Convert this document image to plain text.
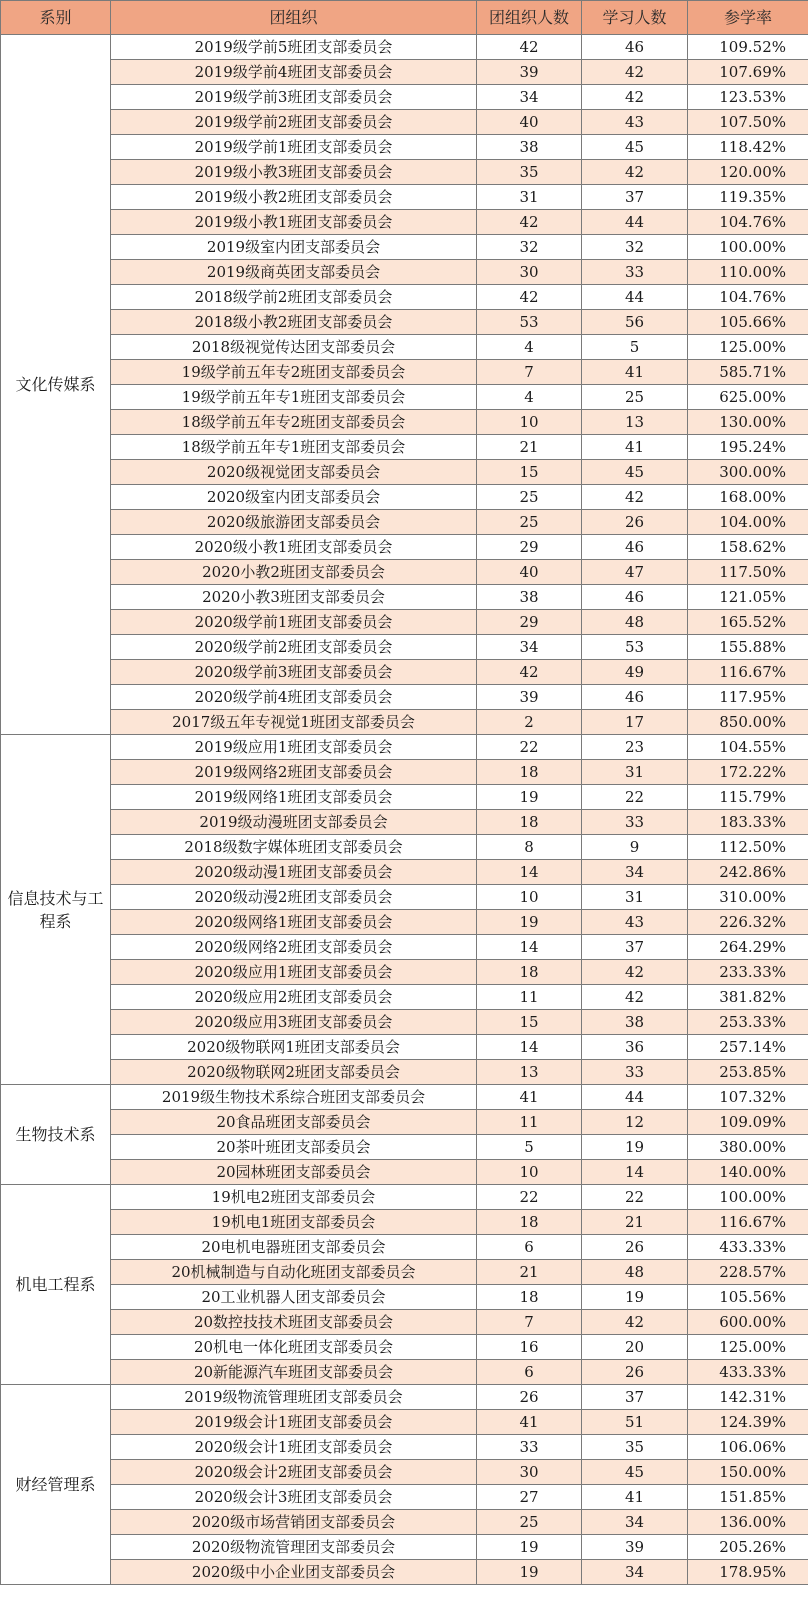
系别	团组织	团组织人数	学习人数	参学率
文化传媒系	2019级学前5班团支部委员会	42	46	109.52%
	2019级学前4班团支部委员会	39	42	107.69%
	2019级学前3班团支部委员会	34	42	123.53%
	2019级学前2班团支部委员会	40	43	107.50%
	2019级学前1班团支部委员会	38	45	118.42%
	2019级小教3班团支部委员会	35	42	120.00%
	2019级小教2班团支部委员会	31	37	119.35%
	2019级小教1班团支部委员会	42	44	104.76%
	2019级室内团支部委员会	32	32	100.00%
	2019级商英团支部委员会	30	33	110.00%
	2018级学前2班团支部委员会	42	44	104.76%
	2018级小教2班团支部委员会	53	56	105.66%
	2018级视觉传达团支部委员会	4	5	125.00%
	19级学前五年专2班团支部委员会	7	41	585.71%
	19级学前五年专1班团支部委员会	4	25	625.00%
	18级学前五年专2班团支部委员会	10	13	130.00%
	18级学前五年专1班团支部委员会	21	41	195.24%
	2020级视觉团支部委员会	15	45	300.00%
	2020级室内团支部委员会	25	42	168.00%
	2020级旅游团支部委员会	25	26	104.00%
	2020级小教1班团支部委员会	29	46	158.62%
	2020小教2班团支部委员会	40	47	117.50%
	2020小教3班团支部委员会	38	46	121.05%
	2020级学前1班团支部委员会	29	48	165.52%
	2020级学前2班团支部委员会	34	53	155.88%
	2020级学前3班团支部委员会	42	49	116.67%
	2020级学前4班团支部委员会	39	46	117.95%
	2017级五年专视觉1班团支部委员会	2	17	850.00%
信息技术与工程系	2019级应用1班团支部委员会	22	23	104.55%
	2019级网络2班团支部委员会	18	31	172.22%
	2019级网络1班团支部委员会	19	22	115.79%
	2019级动漫班团支部委员会	18	33	183.33%
	2018级数字媒体班团支部委员会	8	9	112.50%
	2020级动漫1班团支部委员会	14	34	242.86%
	2020级动漫2班团支部委员会	10	31	310.00%
	2020级网络1班团支部委员会	19	43	226.32%
	2020级网络2班团支部委员会	14	37	264.29%
	2020级应用1班团支部委员会	18	42	233.33%
	2020级应用2班团支部委员会	11	42	381.82%
	2020级应用3班团支部委员会	15	38	253.33%
	2020级物联网1班团支部委员会	14	36	257.14%
	2020级物联网2班团支部委员会	13	33	253.85%
生物技术系	2019级生物技术系综合班团支部委员会	41	44	107.32%
	20食品班团支部委员会	11	12	109.09%
	20茶叶班团支部委员会	5	19	380.00%
	20园林班团支部委员会	10	14	140.00%
机电工程系	19机电2班团支部委员会	22	22	100.00%
	19机电1班团支部委员会	18	21	116.67%
	20电机电器班团支部委员会	6	26	433.33%
	20机械制造与自动化班团支部委员会	21	48	228.57%
	20工业机器人团支部委员会	18	19	105.56%
	20数控技技术班团支部委员会	7	42	600.00%
	20机电一体化班团支部委员会	16	20	125.00%
	20新能源汽车班团支部委员会	6	26	433.33%
财经管理系	2019级物流管理班团支部委员会	26	37	142.31%
	2019级会计1班团支部委员会	41	51	124.39%
	2020级会计1班团支部委员会	33	35	106.06%
	2020级会计2班团支部委员会	30	45	150.00%
	2020级会计3班团支部委员会	27	41	151.85%
	2020级市场营销团支部委员会	25	34	136.00%
	2020级物流管理团支部委员会	19	39	205.26%
	2020级中小企业团支部委员会	19	34	178.95%
